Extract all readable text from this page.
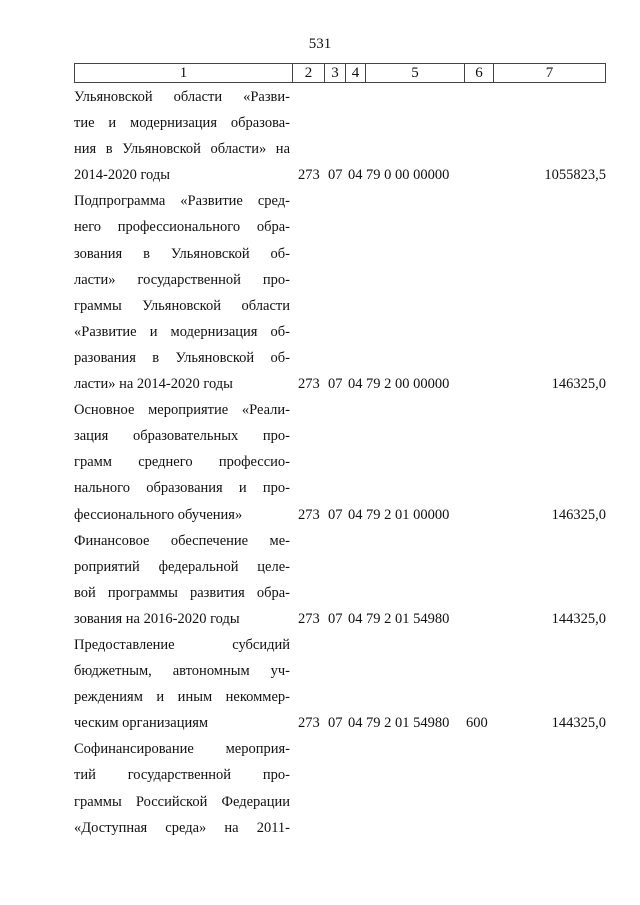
531
1	2	3 4	5	6	7
Ульяновской области «Разви-
тие и модернизация образова-
ния в Ульяновской области» на
2014-2020 годы	273 07 04 79 0 00 00000	1055823,5
Подпрограмма «Развитие сред-
него профессионального обра-
зования в Ульяновской об-
ласти» государственной про-
граммы Ульяновской области
«Развитие и модернизация об-
разования в Ульяновской об-
ласти» на 2014-2020 годы	273 07 04 79 2 00 00000	146325,0
Основное мероприятие «Реали-
зация образовательных про-
грамм среднего профессио-
нального образования и про-
фессионального обучения»	273 07 04 79 2 01 00000	146325,0
Финансовое обеспечение ме-
роприятий федеральной целе-
вой программы развития обра-
зования на 2016-2020 годы	273 07 04 79 2 01 54980	144325,0
Предоставление субсидий
бюджетным, автономным уч-
реждениям и иным некоммер-
ческим организациям	273 07 04 79 2 01 54980 600	144325,0
Софинансирование мероприя-
тий государственной про-
граммы Российской Федерации
«Доступная среда» на 2011-
